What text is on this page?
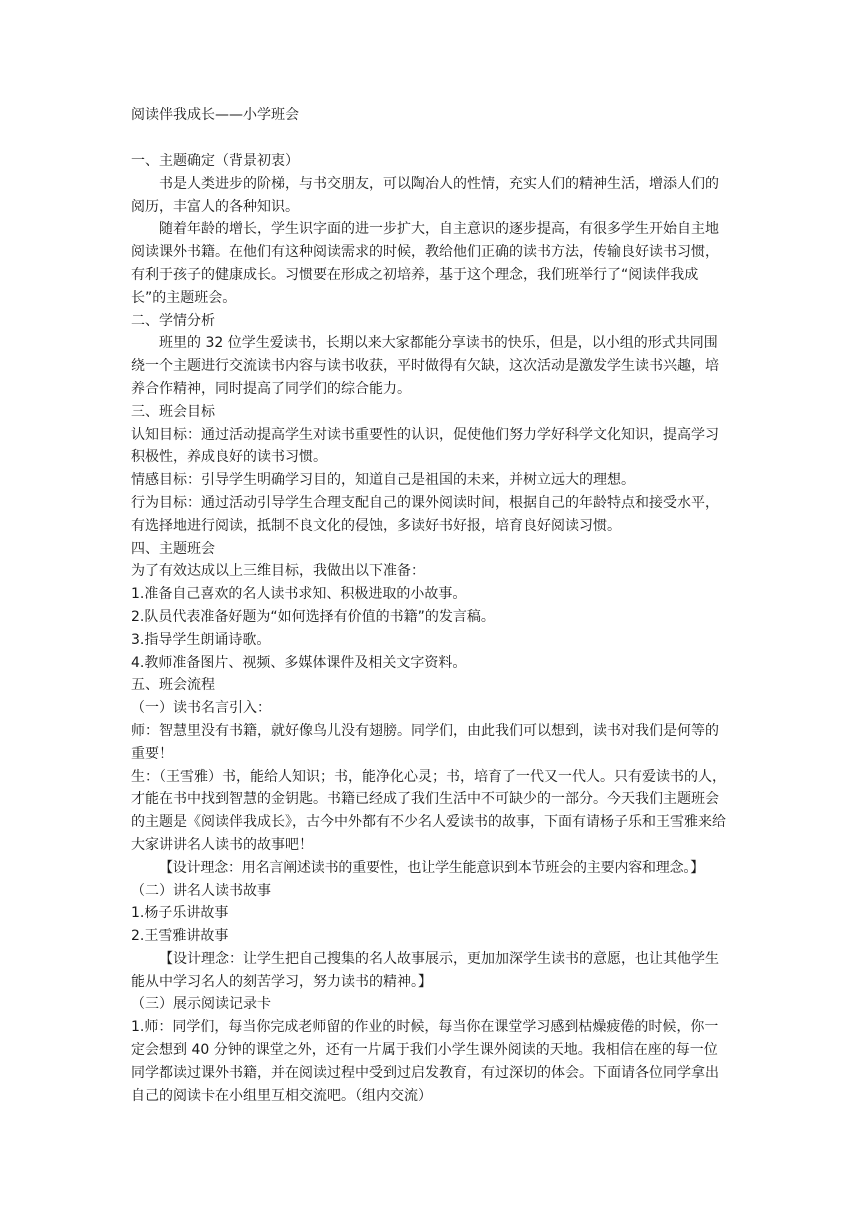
阅读伴我成长——小学班会
一、主题确定（背景初衷）
书是人类进步的阶梯，与书交朋友，可以陶冶人的性情，充实人们的精神生活，增添人们的阅历，丰富人的各种知识。
随着年龄的增长，学生识字面的进一步扩大，自主意识的逐步提高，有很多学生开始自主地阅读课外书籍。在他们有这种阅读需求的时候，教给他们正确的读书方法，传输良好读书习惯，有利于孩子的健康成长。习惯要在形成之初培养，基于这个理念，我们班举行了“阅读伴我成长”的主题班会。
二、学情分析
班里的 32 位学生爱读书，长期以来大家都能分享读书的快乐，但是，以小组的形式共同围绕一个主题进行交流读书内容与读书收获，平时做得有欠缺，这次活动是激发学生读书兴趣，培养合作精神，同时提高了同学们的综合能力。
三、班会目标
认知目标：通过活动提高学生对读书重要性的认识，促使他们努力学好科学文化知识，提高学习积极性，养成良好的读书习惯。
情感目标：引导学生明确学习目的，知道自己是祖国的未来，并树立远大的理想。
行为目标：通过活动引导学生合理支配自己的课外阅读时间，根据自己的年龄特点和接受水平，有选择地进行阅读，抵制不良文化的侵蚀，多读好书好报，培育良好阅读习惯。
四、主题班会
为了有效达成以上三维目标，我做出以下准备：
1.准备自己喜欢的名人读书求知、积极进取的小故事。
2.队员代表准备好题为“如何选择有价值的书籍”的发言稿。
3.指导学生朗诵诗歌。
4.教师准备图片、视频、多媒体课件及相关文字资料。
五、班会流程
（一）读书名言引入：
师：智慧里没有书籍，就好像鸟儿没有翅膀。同学们，由此我们可以想到，读书对我们是何等的重要！
生：（王雪雅）书，能给人知识；书，能净化心灵；书，培育了一代又一代人。只有爱读书的人，才能在书中找到智慧的金钥匙。书籍已经成了我们生活中不可缺少的一部分。今天我们主题班会的主题是《阅读伴我成长》，古今中外都有不少名人爱读书的故事，下面有请杨子乐和王雪雅来给大家讲讲名人读书的故事吧！
【设计理念：用名言阐述读书的重要性，也让学生能意识到本节班会的主要内容和理念。】
（二）讲名人读书故事
1.杨子乐讲故事
2.王雪雅讲故事
【设计理念：让学生把自己搜集的名人故事展示，更加加深学生读书的意愿，也让其他学生能从中学习名人的刻苦学习，努力读书的精神。】
（三）展示阅读记录卡
1.师：同学们，每当你完成老师留的作业的时候，每当你在课堂学习感到枯燥疲倦的时候，你一定会想到 40 分钟的课堂之外，还有一片属于我们小学生课外阅读的天地。我相信在座的每一位同学都读过课外书籍，并在阅读过程中受到过启发教育，有过深切的体会。下面请各位同学拿出自己的阅读卡在小组里互相交流吧。（组内交流）
